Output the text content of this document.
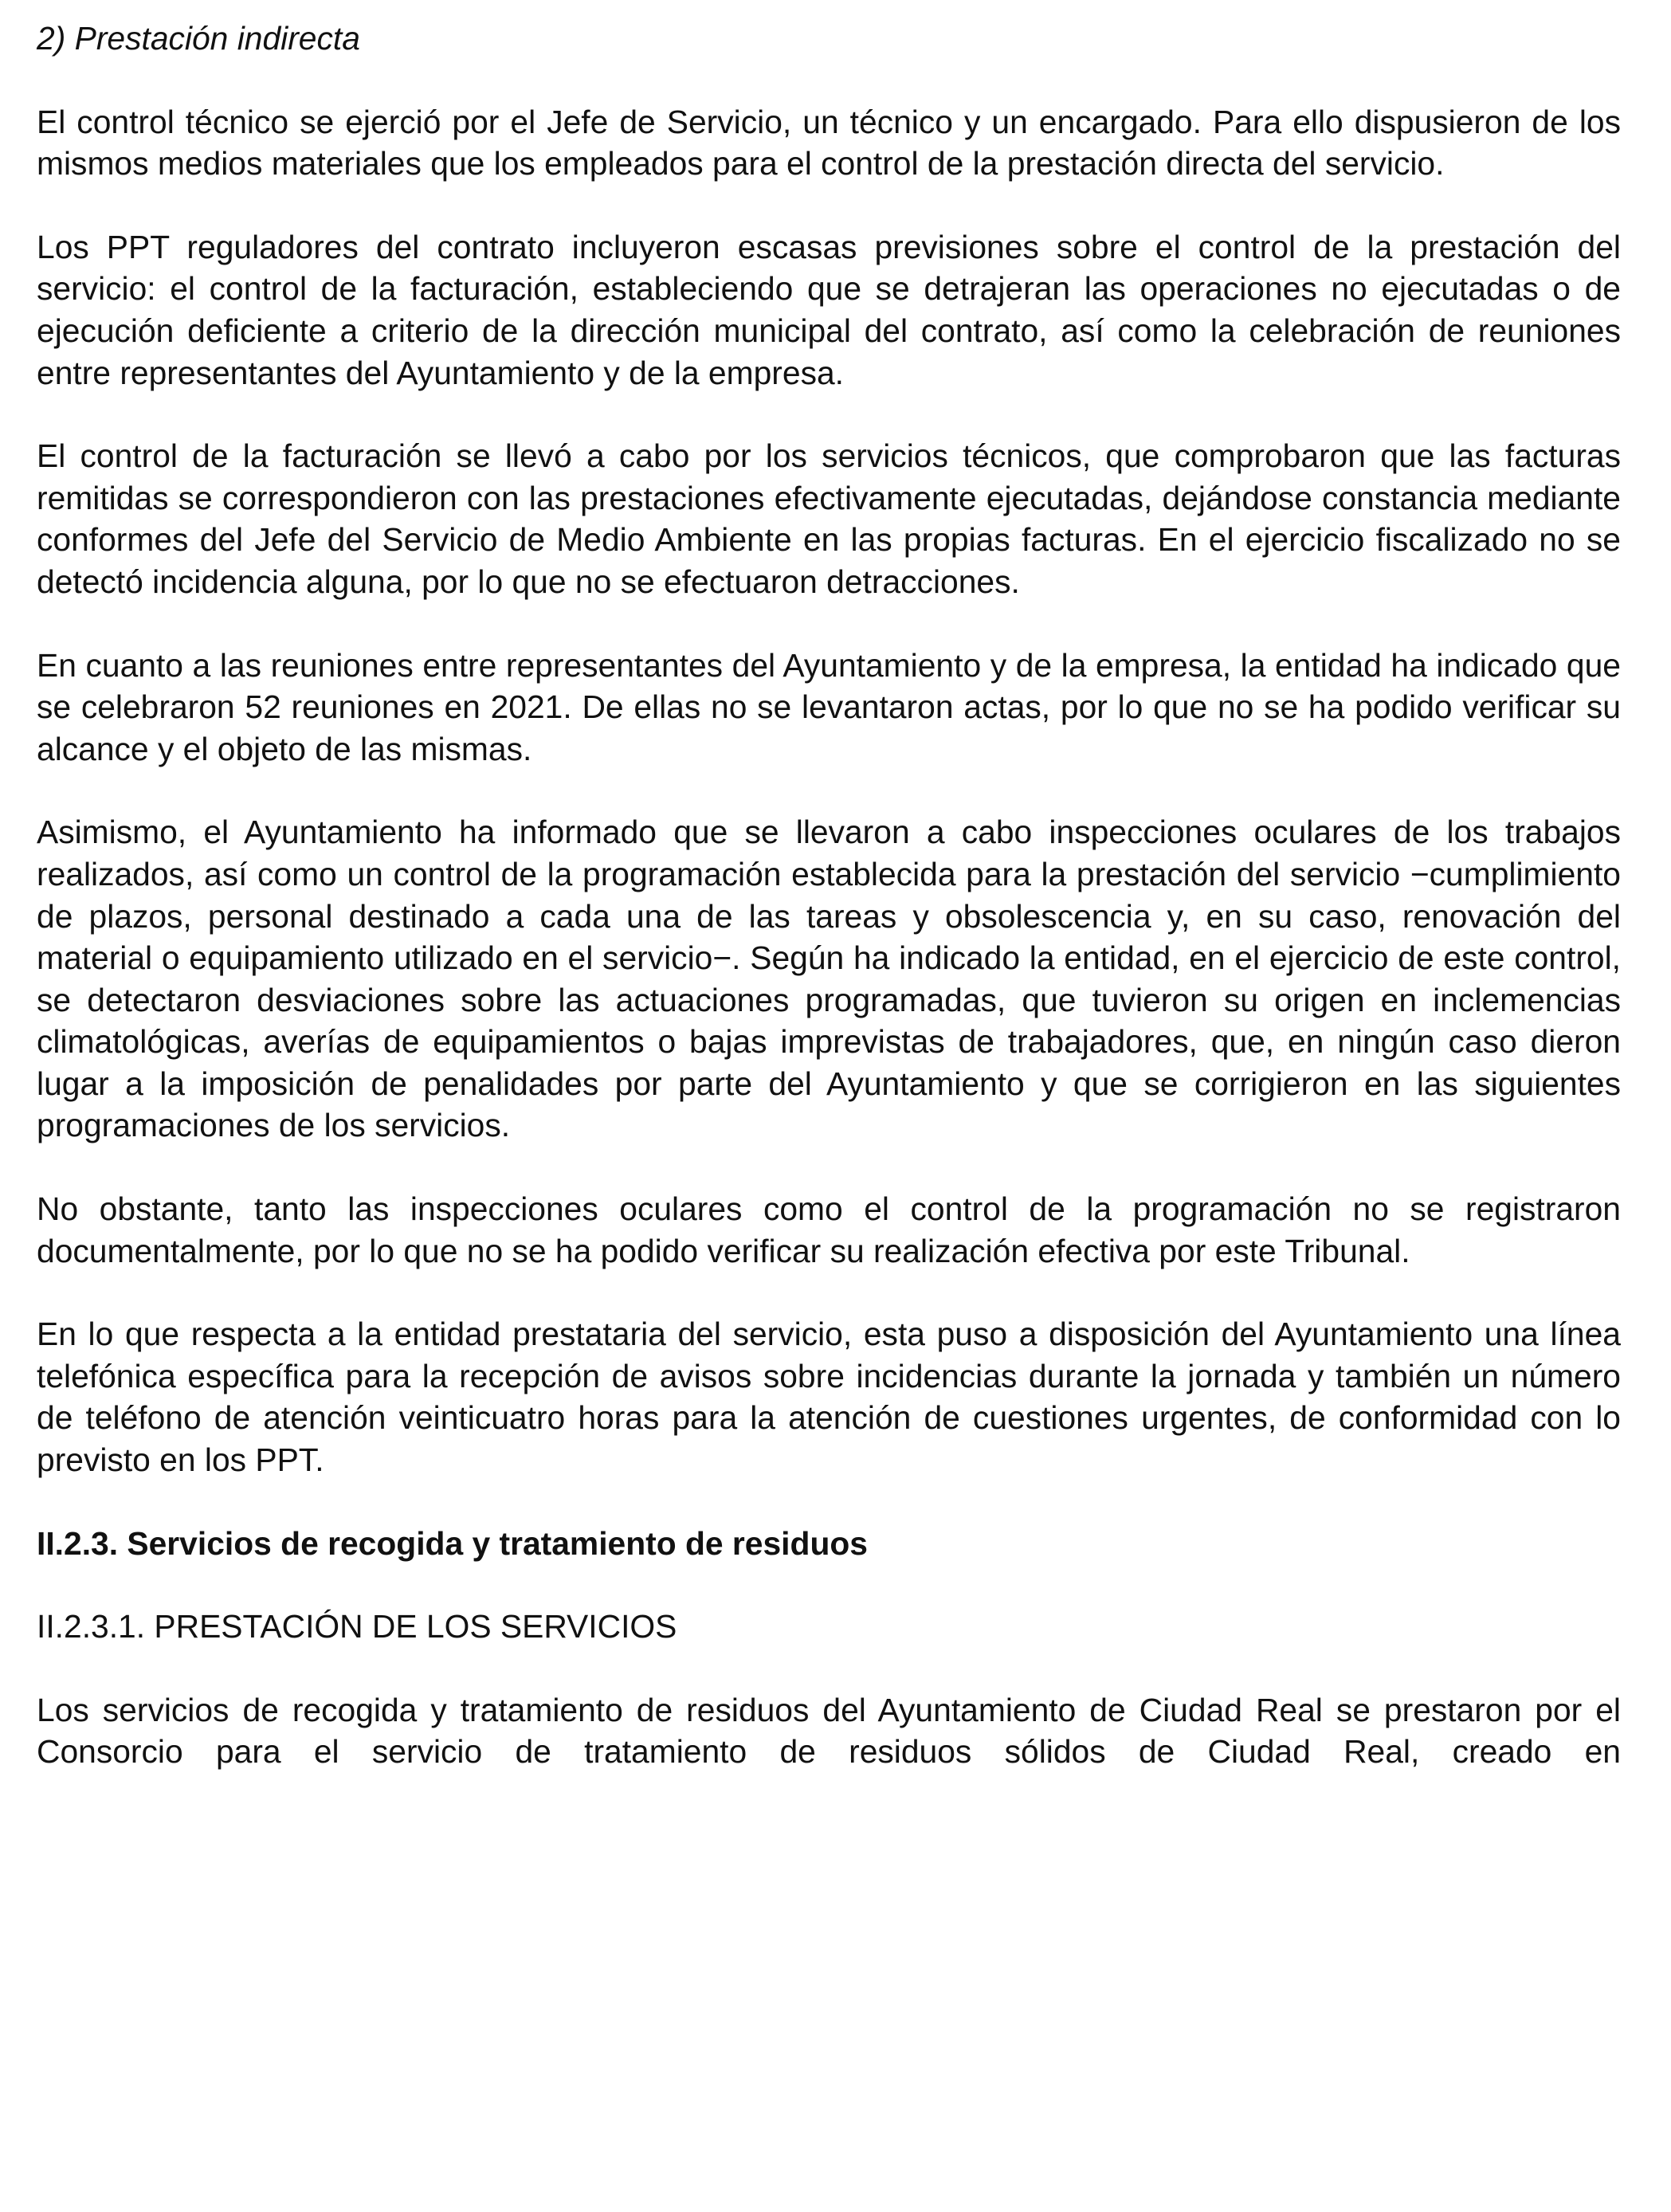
2) Prestación indirecta

El control técnico se ejerció por el Jefe de Servicio, un técnico y un encargado. Para ello dispusieron de los mismos medios materiales que los empleados para el control de la prestación directa del servicio.

Los PPT reguladores del contrato incluyeron escasas previsiones sobre el control de la prestación del servicio: el control de la facturación, estableciendo que se detrajeran las operaciones no ejecutadas o de ejecución deficiente a criterio de la dirección municipal del contrato, así como la celebración de reuniones entre representantes del Ayuntamiento y de la empresa.

El control de la facturación se llevó a cabo por los servicios técnicos, que comprobaron que las facturas remitidas se correspondieron con las prestaciones efectivamente ejecutadas, dejándose constancia mediante conformes del Jefe del Servicio de Medio Ambiente en las propias facturas. En el ejercicio fiscalizado no se detectó incidencia alguna, por lo que no se efectuaron detracciones.

En cuanto a las reuniones entre representantes del Ayuntamiento y de la empresa, la entidad ha indicado que se celebraron 52 reuniones en 2021. De ellas no se levantaron actas, por lo que no se ha podido verificar su alcance y el objeto de las mismas.

Asimismo, el Ayuntamiento ha informado que se llevaron a cabo inspecciones oculares de los trabajos realizados, así como un control de la programación establecida para la prestación del servicio −cumplimiento de plazos, personal destinado a cada una de las tareas y obsolescencia y, en su caso, renovación del material o equipamiento utilizado en el servicio−. Según ha indicado la entidad, en el ejercicio de este control, se detectaron desviaciones sobre las actuaciones programadas, que tuvieron su origen en inclemencias climatológicas, averías de equipamientos o bajas imprevistas de trabajadores, que, en ningún caso dieron lugar a la imposición de penalidades por parte del Ayuntamiento y que se corrigieron en las siguientes programaciones de los servicios.

No obstante, tanto las inspecciones oculares como el control de la programación no se registraron documentalmente, por lo que no se ha podido verificar su realización efectiva por este Tribunal.

En lo que respecta a la entidad prestataria del servicio, esta puso a disposición del Ayuntamiento una línea telefónica específica para la recepción de avisos sobre incidencias durante la jornada y también un número de teléfono de atención veinticuatro horas para la atención de cuestiones urgentes, de conformidad con lo previsto en los PPT.

II.2.3. Servicios de recogida y tratamiento de residuos
II.2.3.1. PRESTACIÓN DE LOS SERVICIOS

Los servicios de recogida y tratamiento de residuos del Ayuntamiento de Ciudad Real se prestaron por el Consorcio para el servicio de tratamiento de residuos sólidos de Ciudad Real, creado en
